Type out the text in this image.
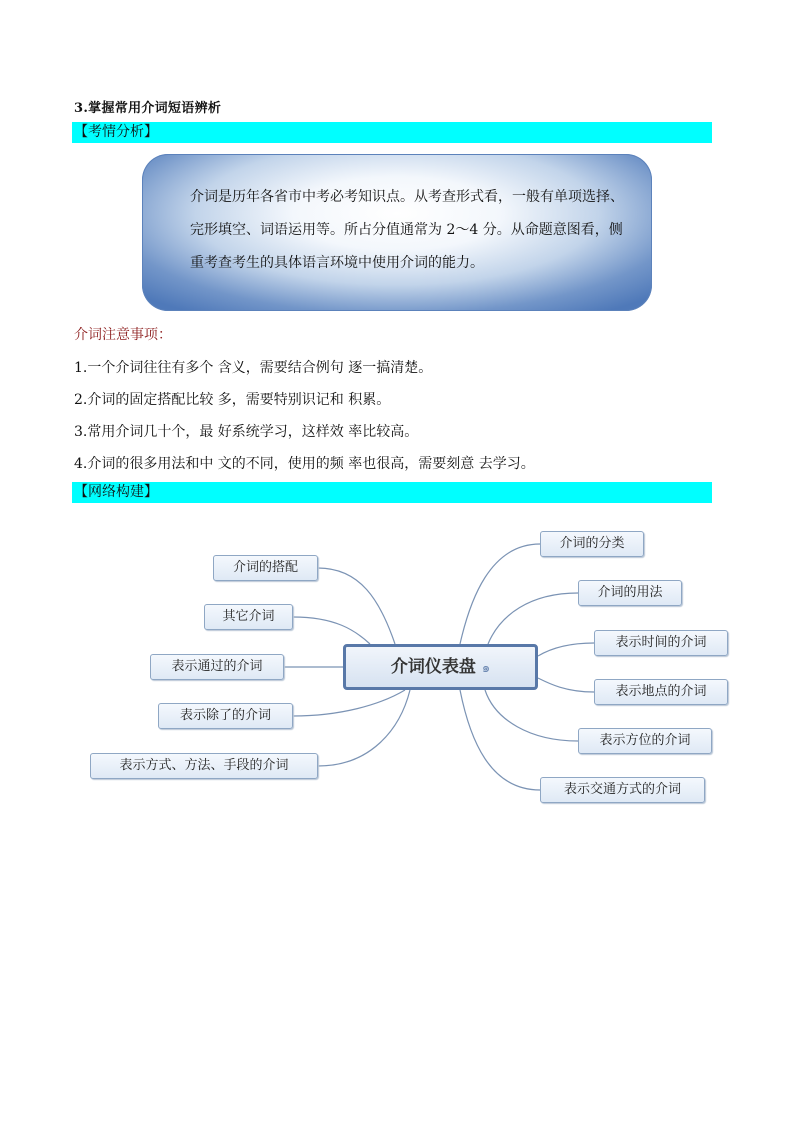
3.掌握常用介词短语辨析
【考情分析】

介词是历年各省市中考必考知识点。从考查形式看，一般有单项选择、

完形填空、词语运用等。所占分值通常为 2～4 分。从命题意图看，侧

重考查考生的具体语言环境中使用介词的能力。

介词注意事项：
1.一个介词往往有多个 含义，需要结合例句 逐一搞清楚。
2.介词的固定搭配比较 多，需要特别识记和 积累。
3.常用介词几十个，最 好系统学习，这样效 率比较高。
4.介词的很多用法和中 文的不同，使用的频 率也很高，需要刻意 去学习。
【网络构建】
介词仪表盘 ๑
介词的搭配
其它介词
表示通过的介词
表示除了的介词
表示方式、方法、手段的介词
介词的分类
介词的用法
表示时间的介词
表示地点的介词
表示方位的介词
表示交通方式的介词
